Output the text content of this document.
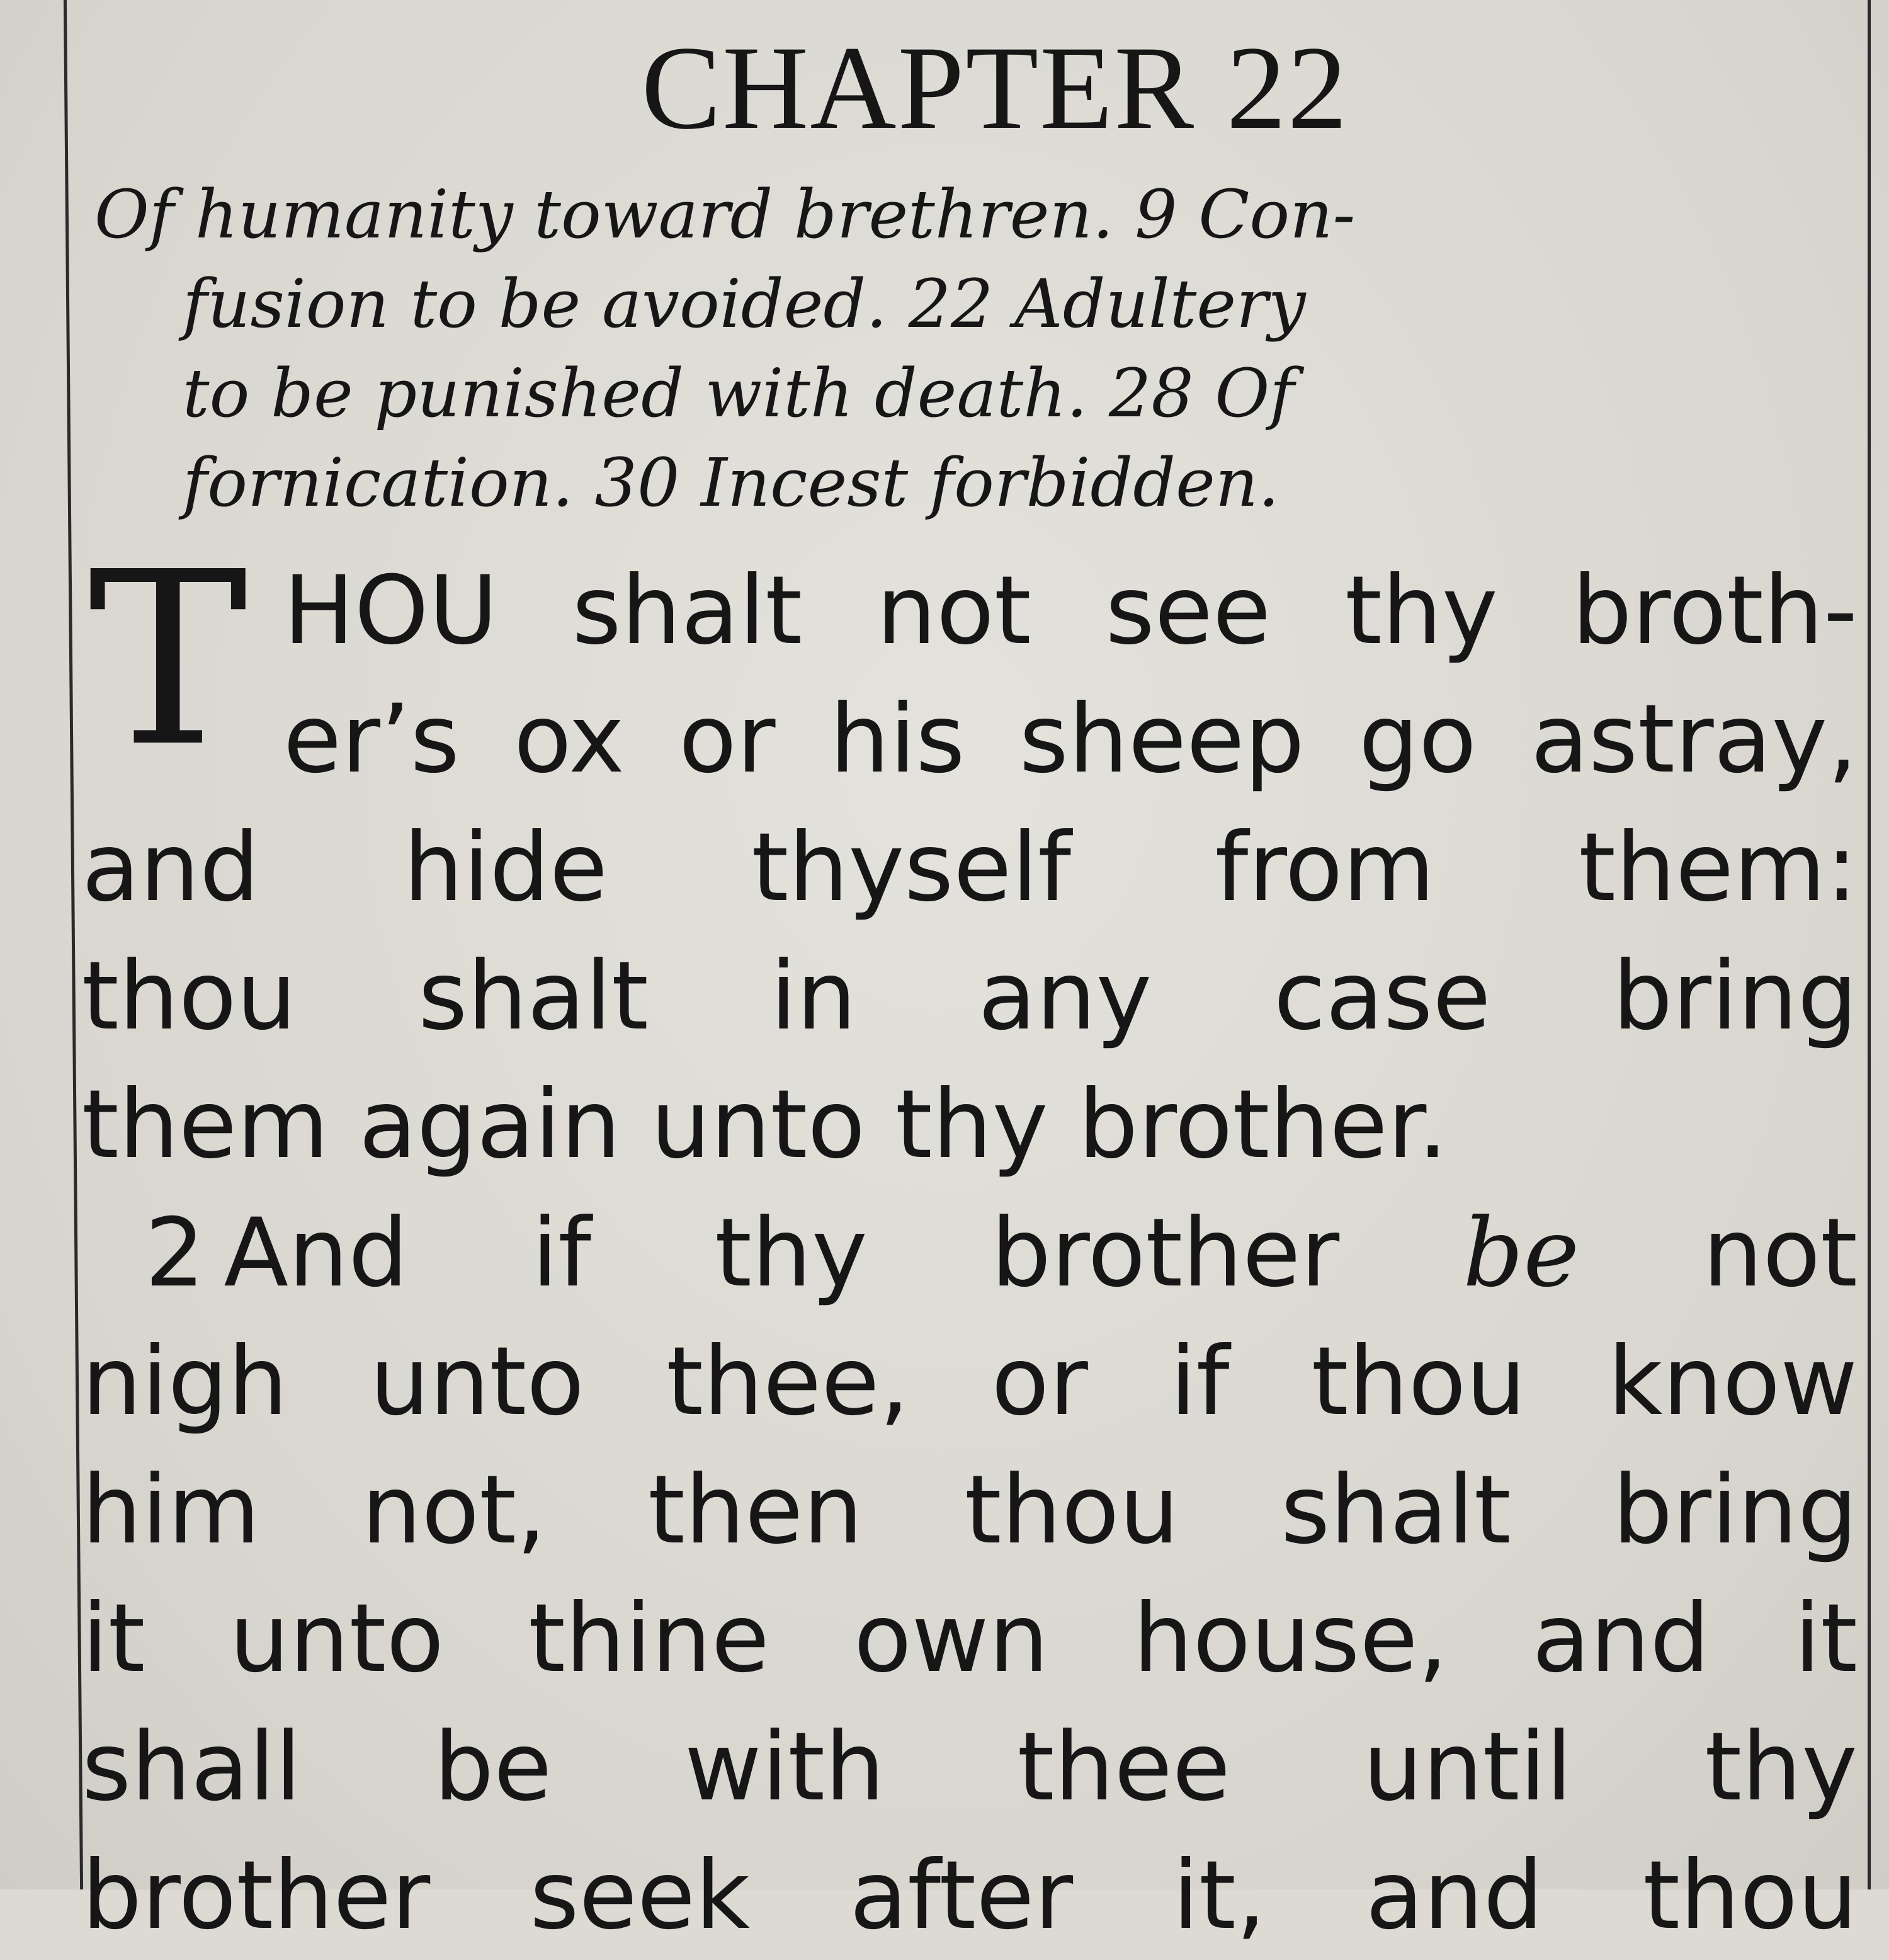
CHAPTER 22
Of humanity toward brethren. 9 Con-
fusion to be avoided. 22 Adultery
to be punished with death. 28 Of
fornication. 30 Incest forbidden.
T HOU shalt not see thy broth-
er’s ox or his sheep go astray,
and hide thyself from them:
thou shalt in any case bring
them again unto thy brother.
2 And if thy brother be not
nigh unto thee, or if thou know
him not, then thou shalt bring
it unto thine own house, and it
shall be with thee until thy
brother seek after it, and thou
